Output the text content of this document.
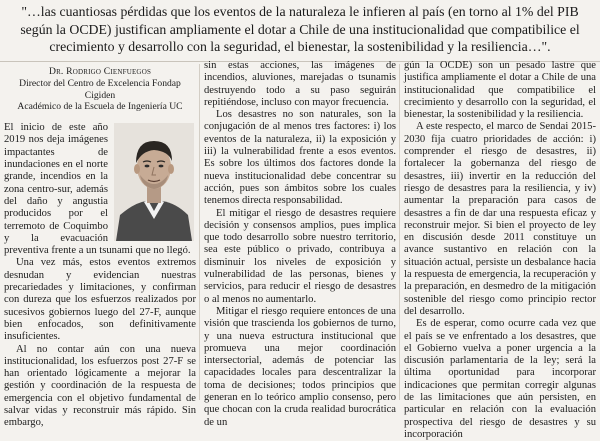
"…las cuantiosas pérdidas que los eventos de la naturaleza le infieren al país (en torno al 1% del PIB según la OCDE) justifican ampliamente el dotar a Chile de una institucionalidad que compatibilice el crecimiento y desarrollo con la seguridad, el bienestar, la sostenibilidad y la resiliencia…".

Dr. Rodrigo Cienfuegos
Director del Centro de Excelencia Fondap
Cigiden
Académico de la Escuela de Ingeniería UC

El inicio de este año 2019 nos deja imágenes impactantes de inundaciones en el norte grande, incendios en la zona centro-sur, además del daño y angustia producidos por el terremoto de Coquimbo y la evacuación preventiva frente a un tsunami que no llegó.

Una vez más, estos eventos extremos desnudan y evidencian nuestras precariedades y limitaciones, y confirman con dureza que los esfuerzos realizados por sucesivos gobiernos luego del 27-F, aunque bien enfocados, son definitivamente insuficientes.

Al no contar aún con una nueva institucionalidad, los esfuerzos post 27-F se han orientado lógicamente a mejorar la gestión y coordinación de la respuesta de emergencia con el objetivo fundamental de salvar vidas y reconstruir más rápido. Sin embargo,

sin estas acciones, las imágenes de incendios, aluviones, marejadas o tsunamis destruyendo todo a su paso seguirán repitiéndose, incluso con mayor frecuencia.

Los desastres no son naturales, son la conjugación de al menos tres factores: i) los eventos de la naturaleza, ii) la exposición y iii) la vulnerabilidad frente a esos eventos. Es sobre los últimos dos factores donde la nueva institucionalidad debe concentrar su acción, pues son ámbitos sobre los cuales tenemos directa responsabilidad.

El mitigar el riesgo de desastres requiere decisión y consensos amplios, pues implica que todo desarrollo sobre nuestro territorio, sea este público o privado, contribuya a disminuir los niveles de exposición y vulnerabilidad de las personas, bienes y servicios, para reducir el riesgo de desastres o al menos no aumentarlo.

Mitigar el riesgo requiere entonces de una visión que trascienda los gobiernos de turno, y una nueva estructura institucional que promueva una mejor coordinación intersectorial, además de potenciar las capacidades locales para descentralizar la toma de decisiones; todos principios que generan en lo teórico amplio consenso, pero que chocan con la cruda realidad burocrática de un

gún la OCDE) son un pesado lastre que justifica ampliamente el dotar a Chile de una institucionalidad que compatibilice el crecimiento y desarrollo con la seguridad, el bienestar, la sostenibilidad y la resiliencia.

A este respecto, el marco de Sendai 2015-2030 fija cuatro prioridades de acción: i) comprender el riesgo de desastres, ii) fortalecer la gobernanza del riesgo de desastres, iii) invertir en la reducción del riesgo de desastres para la resiliencia, y iv) aumentar la preparación para casos de desastres a fin de dar una respuesta eficaz y reconstruir mejor. Si bien el proyecto de ley en discusión desde 2011 constituye un avance sustantivo en relación con la situación actual, persiste un desbalance hacia la respuesta de emergencia, la recuperación y la preparación, en desmedro de la mitigación sostenible del riesgo como principio rector del desarrollo.

Es de esperar, como ocurre cada vez que el país se ve enfrentado a los desastres, que el Gobierno vuelva a poner urgencia a la discusión parlamentaria de la ley; será la última oportunidad para incorporar indicaciones que permitan corregir algunas de las limitaciones que aún persisten, en particular en relación con la evaluación prospectiva del riesgo de desastres y su incorporación
